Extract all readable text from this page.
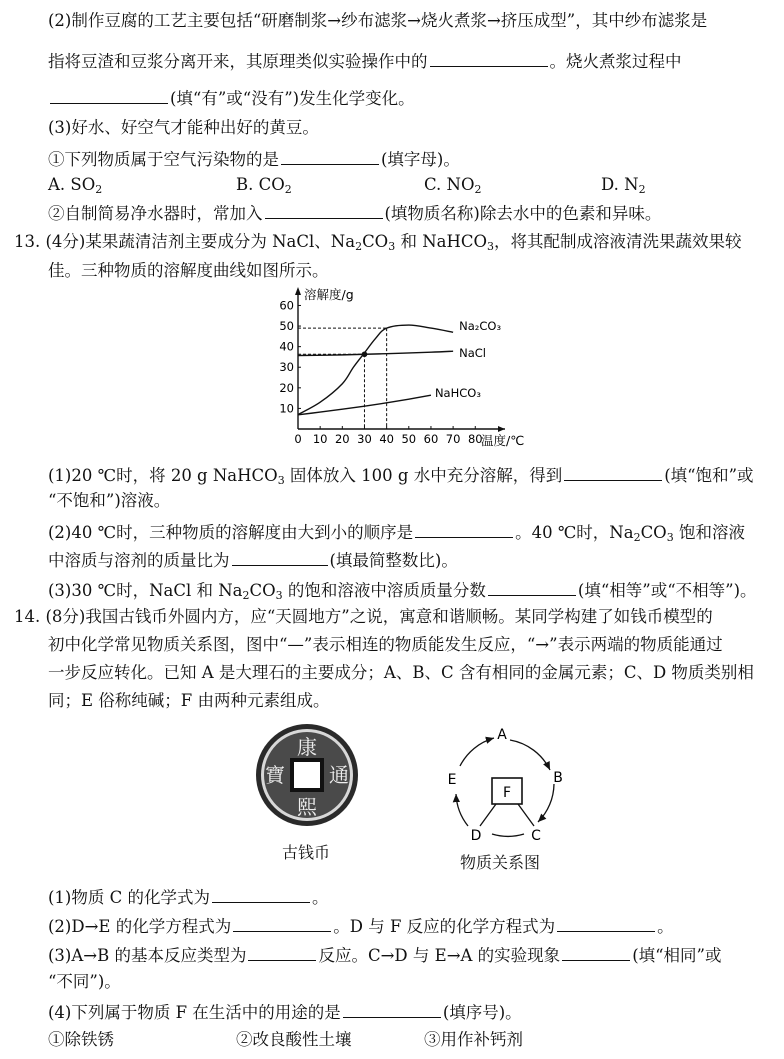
(2)制作豆腐的工艺主要包括“研磨制浆→纱布滤浆→烧火煮浆→挤压成型”，其中纱布滤浆是
指将豆渣和豆浆分离开来，其原理类似实验操作中的	。烧火煮浆过程中
(填“有”或“没有”)发生化学变化。
(3)好水、好空气才能种出好的黄豆。
①下列物质属于空气污染物的是	(填字母)。
A. $SO_2$	B. $CO_2$	C. $NO_2$	D. $N_2$
②自制简易净水器时，常加入	(填物质名称)除去水中的色素和异味。
13. (4分)某果蔬清洁剂主要成分为 NaCl、$Na_2CO_3$ 和 NaHCO$_3$，将其配制成溶液清洗果蔬效果较
佳。三种物质的溶解度曲线如图所示。
0 10 20 30 40 50 60 70 80
10
20
30
40
50
60
溶解度/g
温度/℃
Na₂CO₃
NaCl
NaHCO₃
(1)20 ℃时，将 20 g NaHCO$_3$ 固体放入 100 g 水中充分溶解，得到	(填“饱和”或
“不饱和”)溶液。
(2)40 ℃时，三种物质的溶解度由大到小的顺序是	。40 ℃时，$Na_2CO_3$ 饱和溶液
中溶质与溶剂的质量比为	(填最简整数比)。
(3)30 ℃时，NaCl 和 $Na_2CO_3$ 的饱和溶液中溶质质量分数	(填“相等”或“不相等”)。
14. (8分)我国古钱币外圆内方，应“天圆地方”之说，寓意和谐顺畅。某同学构建了如钱币模型的
初中化学常见物质关系图，图中“—”表示相连的物质能发生反应，“→”表示两端的物质能通过
一步反应转化。已知 A 是大理石的主要成分；A、B、C 含有相同的金属元素；C、D 物质类别相
同；E 俗称纯碱；F 由两种元素组成。
康
熙
通
寶
古钱币
F
A
B
C
D
E
物质关系图
(1)物质 C 的化学式为	。
(2)D→E 的化学方程式为	。D 与 F 反应的化学方程式为	。
(3)A→B 的基本反应类型为	反应。C→D 与 E→A 的实验现象	(填“相同”或
“不同”)。
(4)下列属于物质 F 在生活中的用途的是	(填序号)。
①除铁锈	②改良酸性土壤	③用作补钙剂
